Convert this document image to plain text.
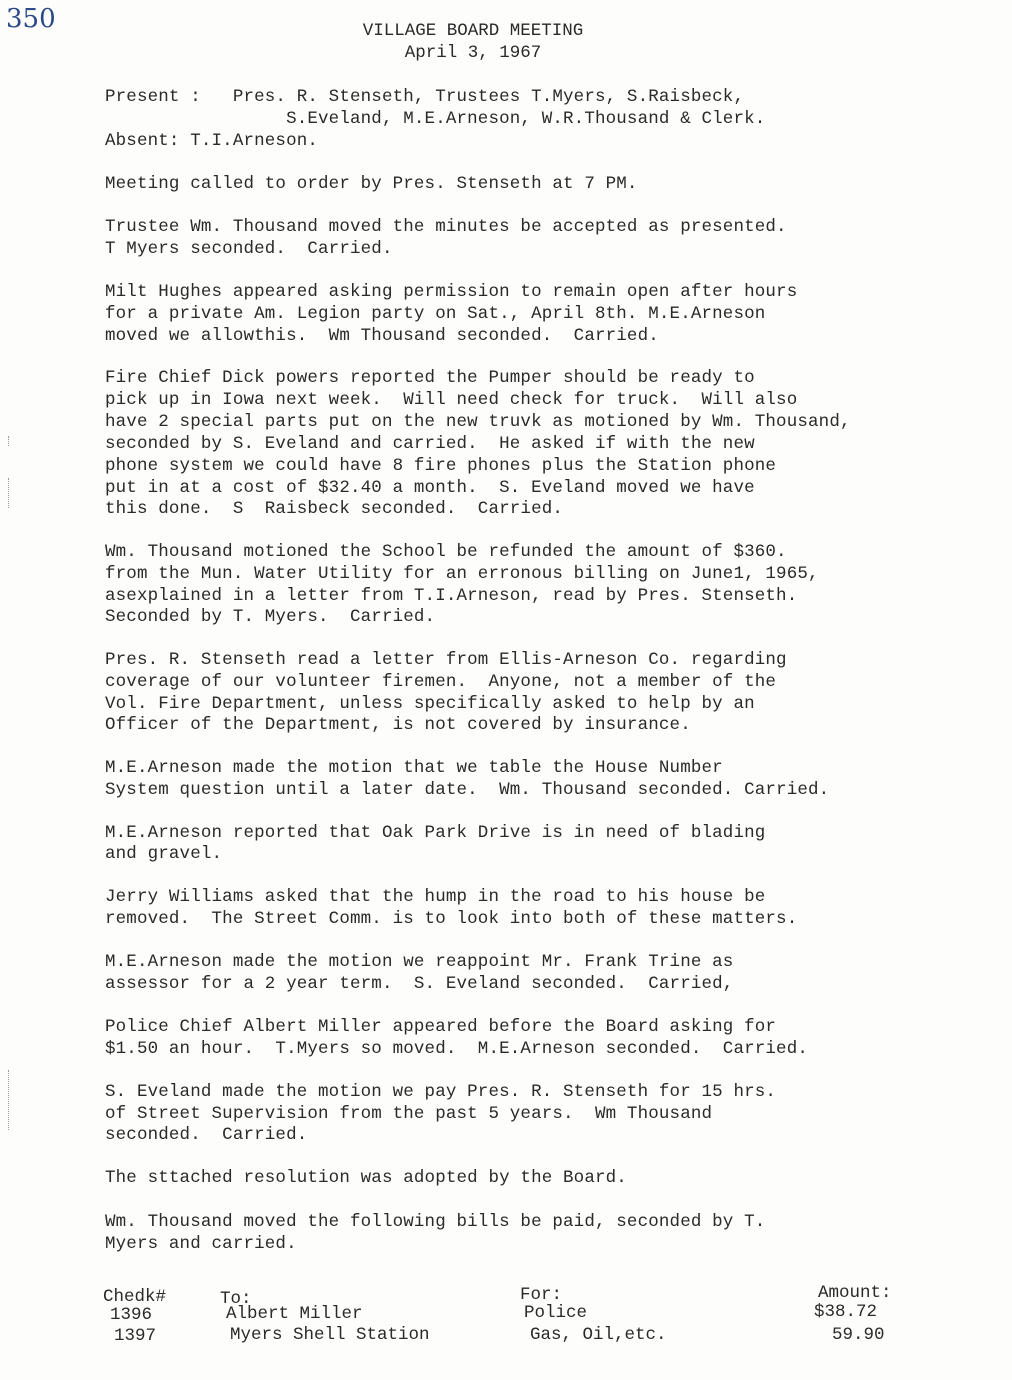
350	VILLAGE BOARD MEETING
April 3, 1967
Present :   Pres. R. Stenseth, Trustees T.Myers, S.Raisbeck,
S.Eveland, M.E.Arneson, W.R.Thousand & Clerk.
Absent: T.I.Arneson.
Meeting called to order by Pres. Stenseth at 7 PM.
Trustee Wm. Thousand moved the minutes be accepted as presented.
T Myers seconded.  Carried.
Milt Hughes appeared asking permission to remain open after hours
for a private Am. Legion party on Sat., April 8th. M.E.Arneson
moved we allowthis.  Wm Thousand seconded.  Carried.
Fire Chief Dick powers reported the Pumper should be ready to
pick up in Iowa next week.  Will need check for truck.  Will also
have 2 special parts put on the new truvk as motioned by Wm. Thousand,
seconded by S. Eveland and carried.  He asked if with the new
phone system we could have 8 fire phones plus the Station phone
put in at a cost of $32.40 a month.  S. Eveland moved we have
this done.  S  Raisbeck seconded.  Carried.
Wm. Thousand motioned the School be refunded the amount of $360.
from the Mun. Water Utility for an erronous billing on June1, 1965,
asexplained in a letter from T.I.Arneson, read by Pres. Stenseth.
Seconded by T. Myers.  Carried.
Pres. R. Stenseth read a letter from Ellis-Arneson Co. regarding
coverage of our volunteer firemen.  Anyone, not a member of the
Vol. Fire Department, unless specifically asked to help by an
Officer of the Department, is not covered by insurance.
M.E.Arneson made the motion that we table the House Number
System question until a later date.  Wm. Thousand seconded. Carried.
M.E.Arneson reported that Oak Park Drive is in need of blading
and gravel.
Jerry Williams asked that the hump in the road to his house be
removed.  The Street Comm. is to look into both of these matters.
M.E.Arneson made the motion we reappoint Mr. Frank Trine as
assessor for a 2 year term.  S. Eveland seconded.  Carried,
Police Chief Albert Miller appeared before the Board asking for
$1.50 an hour.  T.Myers so moved.  M.E.Arneson seconded.  Carried.
S. Eveland made the motion we pay Pres. R. Stenseth for 15 hrs.
of Street Supervision from the past 5 years.  Wm Thousand
seconded.  Carried.
The sttached resolution was adopted by the Board.
Wm. Thousand moved the following bills be paid, seconded by T.
Myers and carried.
Chedk#	To:	For:	Amount:
1396	Albert Miller	Police	$38.72
1397	Myers Shell Station	Gas, Oil,etc.	59.90
